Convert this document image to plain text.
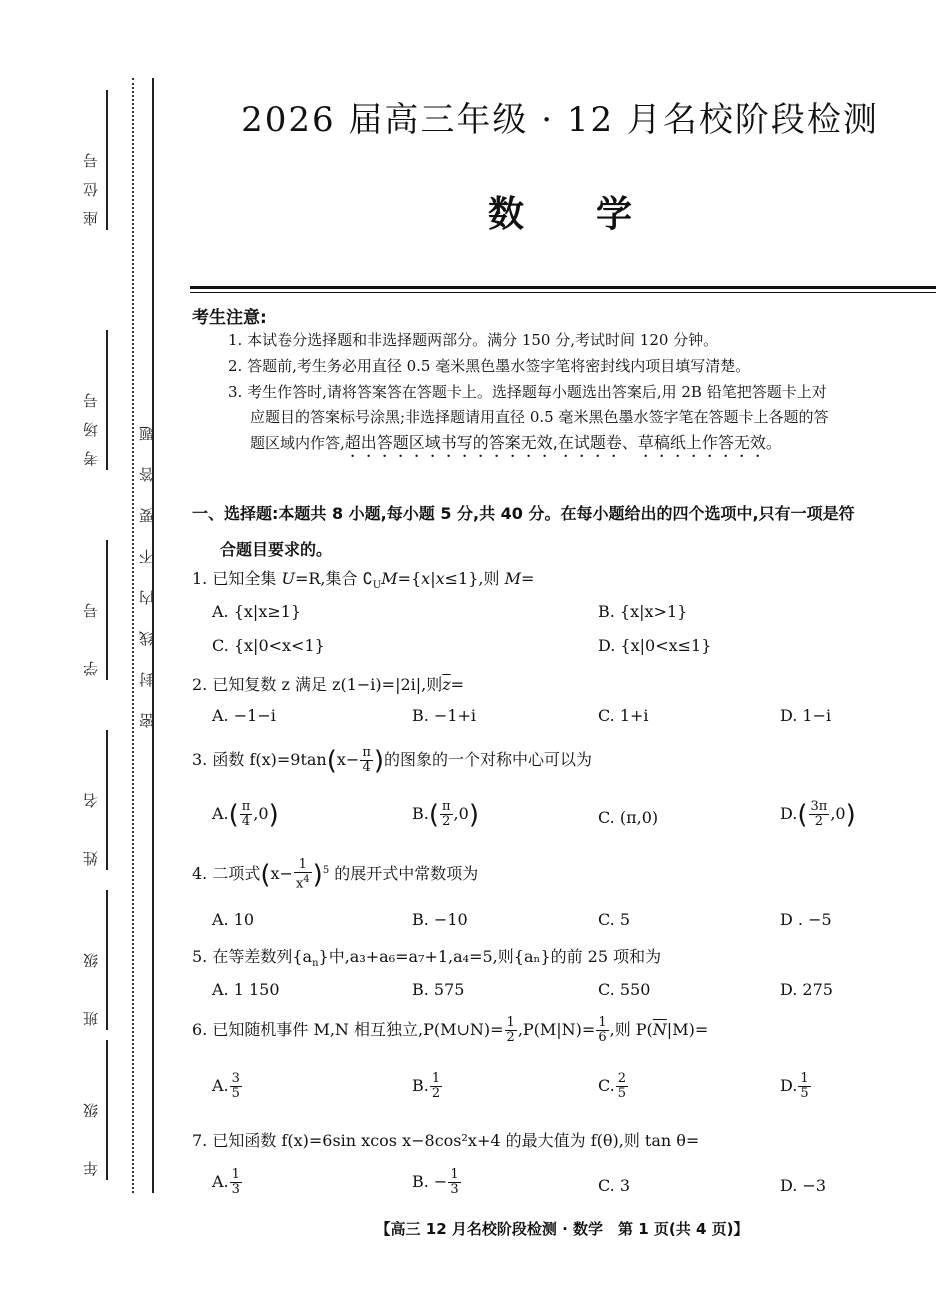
座位号
考场号
学　号
姓　名
班　级
年　级
密封线内不要答题
2026 届高三年级 · 12 月名校阶段检测
数 学
考生注意:
1. 本试卷分选择题和非选择题两部分。满分 150 分,考试时间 120 分钟。
2. 答题前,考生务必用直径 0.5 毫米黑色墨水签字笔将密封线内项目填写清楚。
3. 考生作答时,请将答案答在答题卡上。选择题每小题选出答案后,用 2B 铅笔把答题卡上对
应题目的答案标号涂黑;非选择题请用直径 0.5 毫米黑色墨水签字笔在答题卡上各题的答
题区域内作答,超出答题区域书写的答案无效,在试题卷、草稿纸上作答无效。
一、选择题:本题共 8 小题,每小题 5 分,共 40 分。在每小题给出的四个选项中,只有一项是符
合题目要求的。
1. 已知全集 U=R,集合 $∁_UM=\{x|x\le 1\}$,则 M=
A. {x|x≥1}	B. {x|x>1}
C. {x|0<x<1}	D. {x|0<x≤1}
2. 已知复数 z 满足 z(1−i)=|2i|,则$\overline{z}=$
A. −1−i	B. −1+i	C. 1+i	D. 1−i
3. 函数 $f(x)=9\tan(x- \frac{\pi}{4}$ )的图象的一个对称中心可以为
$A.( \frac{\pi}{4} ,0)$	$B.( \frac{\pi}{2} ,0)$	C. (π,0)	$D.( \frac{3\pi}{2} ,0)$
4. 二项式$(x- \frac{1}{x^4} )^5$ 的展开式中常数项为
A. 10	B. −10	C. 5	D . −5
5. 在等差数列$\{a_n\}$中,a₃+a₆=a₇+1,a₄=5,则{aₙ}的前 25 项和为
A. 1 150	B. 575	C. 550	D. 275
6. 已知随机事件 M,N 相互独立,P(M∪N)= $\frac{1}{2} ,P(M|N)= \frac{1}{6}$ ,则 $P(\overline{N}|M)=$
A. $\frac{3}{5}$	B. $\frac{1}{2}$	C. $\frac{2}{5}$	D. $\frac{1}{5}$
7. 已知函数 f(x)=6sin xcos x−8cos²x+4 的最大值为 f(θ),则 tan θ=
A. $\frac{1}{3}$	B. − $\frac{1}{3}$	C. 3	D. −3
【高三 12 月名校阶段检测 · 数学　第 1 页(共 4 页)】
